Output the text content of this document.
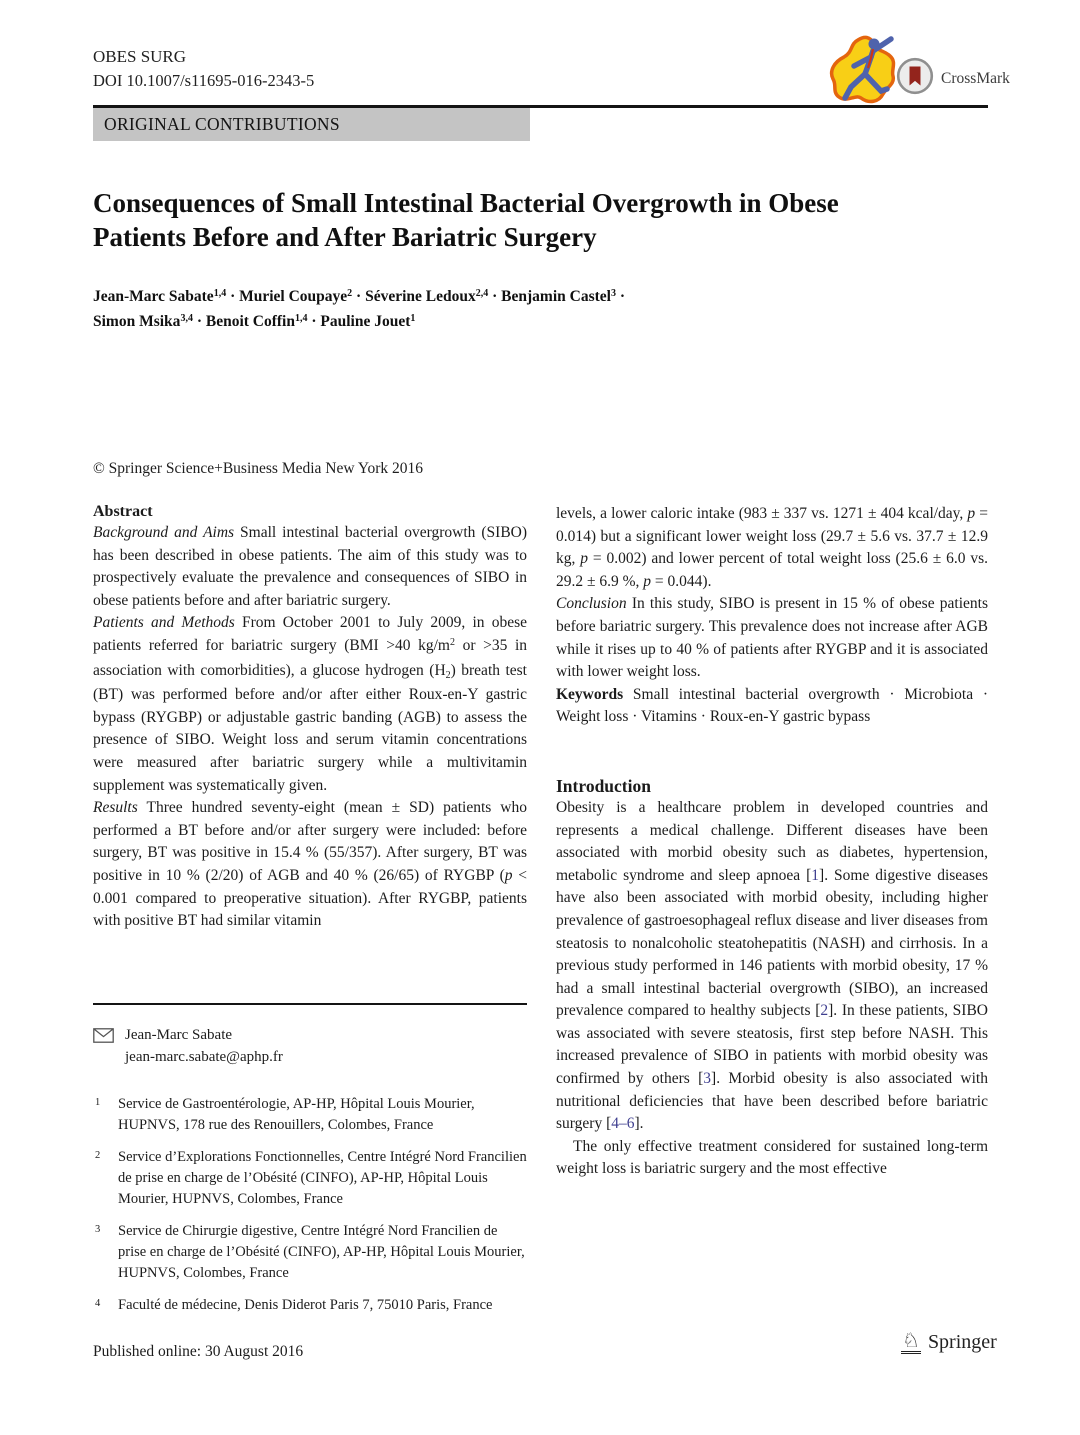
OBES SURG
DOI 10.1007/s11695-016-2343-5	CrossMark
ORIGINAL CONTRIBUTIONS
Consequences of Small Intestinal Bacterial Overgrowth in Obese Patients Before and After Bariatric Surgery
Jean-Marc Sabate$^{1,4}$ · Muriel Coupaye$^2$ · Séverine Ledoux$^{2,4}$ · Benjamin Castel$^3$ ·
Simon Msika$^{3,4}$ · Benoit Coffin$^{1,4}$ · Pauline Jouet$^1$
© Springer Science+Business Media New York 2016
Abstract

Background and Aims Small intestinal bacterial overgrowth (SIBO) has been described in obese patients. The aim of this study was to prospectively evaluate the prevalence and consequences of SIBO in obese patients before and after bariatric surgery.

Patients and Methods From October 2001 to July 2009, in obese patients referred for bariatric surgery (BMI >40 $kg/m^2$ or >35 in association with comorbidities), a glucose hydrogen (H2) breath test (BT) was performed before and/or after either Roux-en-Y gastric bypass (RYGBP) or adjustable gastric banding (AGB) to assess the presence of SIBO. Weight loss and serum vitamin concentrations were measured after bariatric surgery while a multivitamin supplement was systematically given.

Results Three hundred seventy-eight (mean ± SD) patients who performed a BT before and/or after surgery were included: before surgery, BT was positive in 15.4 % (55/357). After surgery, BT was positive in 10 % (2/20) of AGB and 40 % (26/65) of RYGBP (p < 0.001 compared to preoperative situation). After RYGBP, patients with positive BT had similar vitamin

levels, a lower caloric intake (983 ± 337 vs. 1271 ± 404 kcal/day, p = 0.014) but a significant lower weight loss (29.7 ± 5.6 vs. 37.7 ± 12.9 kg, p = 0.002) and lower percent of total weight loss (25.6 ± 6.0 vs. 29.2 ± 6.9 %, p = 0.044).

Conclusion In this study, SIBO is present in 15 % of obese patients before bariatric surgery. This prevalence does not increase after AGB while it rises up to 40 % of patients after RYGBP and it is associated with lower weight loss.

Keywords Small intestinal bacterial overgrowth · Microbiota · Weight loss · Vitamins · Roux-en-Y gastric bypass

Introduction

Obesity is a healthcare problem in developed countries and represents a medical challenge. Different diseases have been associated with morbid obesity such as diabetes, hypertension, metabolic syndrome and sleep apnoea [1]. Some digestive diseases have also been associated with morbid obesity, including higher prevalence of gastroesophageal reflux disease and liver diseases from steatosis to nonalcoholic steatohepatitis (NASH) and cirrhosis. In a previous study performed in 146 patients with morbid obesity, 17 % had a small intestinal bacterial overgrowth (SIBO), an increased prevalence compared to healthy subjects [2]. In these patients, SIBO was associated with severe steatosis, first step before NASH. This increased prevalence of SIBO in patients with morbid obesity was confirmed by others [3]. Morbid obesity is also associated with nutritional deficiencies that have been described before bariatric surgery [4–6].

The only effective treatment considered for sustained long-term weight loss is bariatric surgery and the most effective

Jean-Marc Sabate
jean-marc.sabate@aphp.fr
1 Service de Gastroentérologie, AP-HP, Hôpital Louis Mourier, HUPNVS, 178 rue des Renouillers, Colombes, France
2 Service d’Explorations Fonctionnelles, Centre Intégré Nord Francilien de prise en charge de l’Obésité (CINFO), AP-HP, Hôpital Louis Mourier, HUPNVS, Colombes, France
3 Service de Chirurgie digestive, Centre Intégré Nord Francilien de prise en charge de l’Obésité (CINFO), AP-HP, Hôpital Louis Mourier, HUPNVS, Colombes, France
4 Faculté de médecine, Denis Diderot Paris 7, 75010 Paris, France
Published online: 30 August 2016	♘ Springer
